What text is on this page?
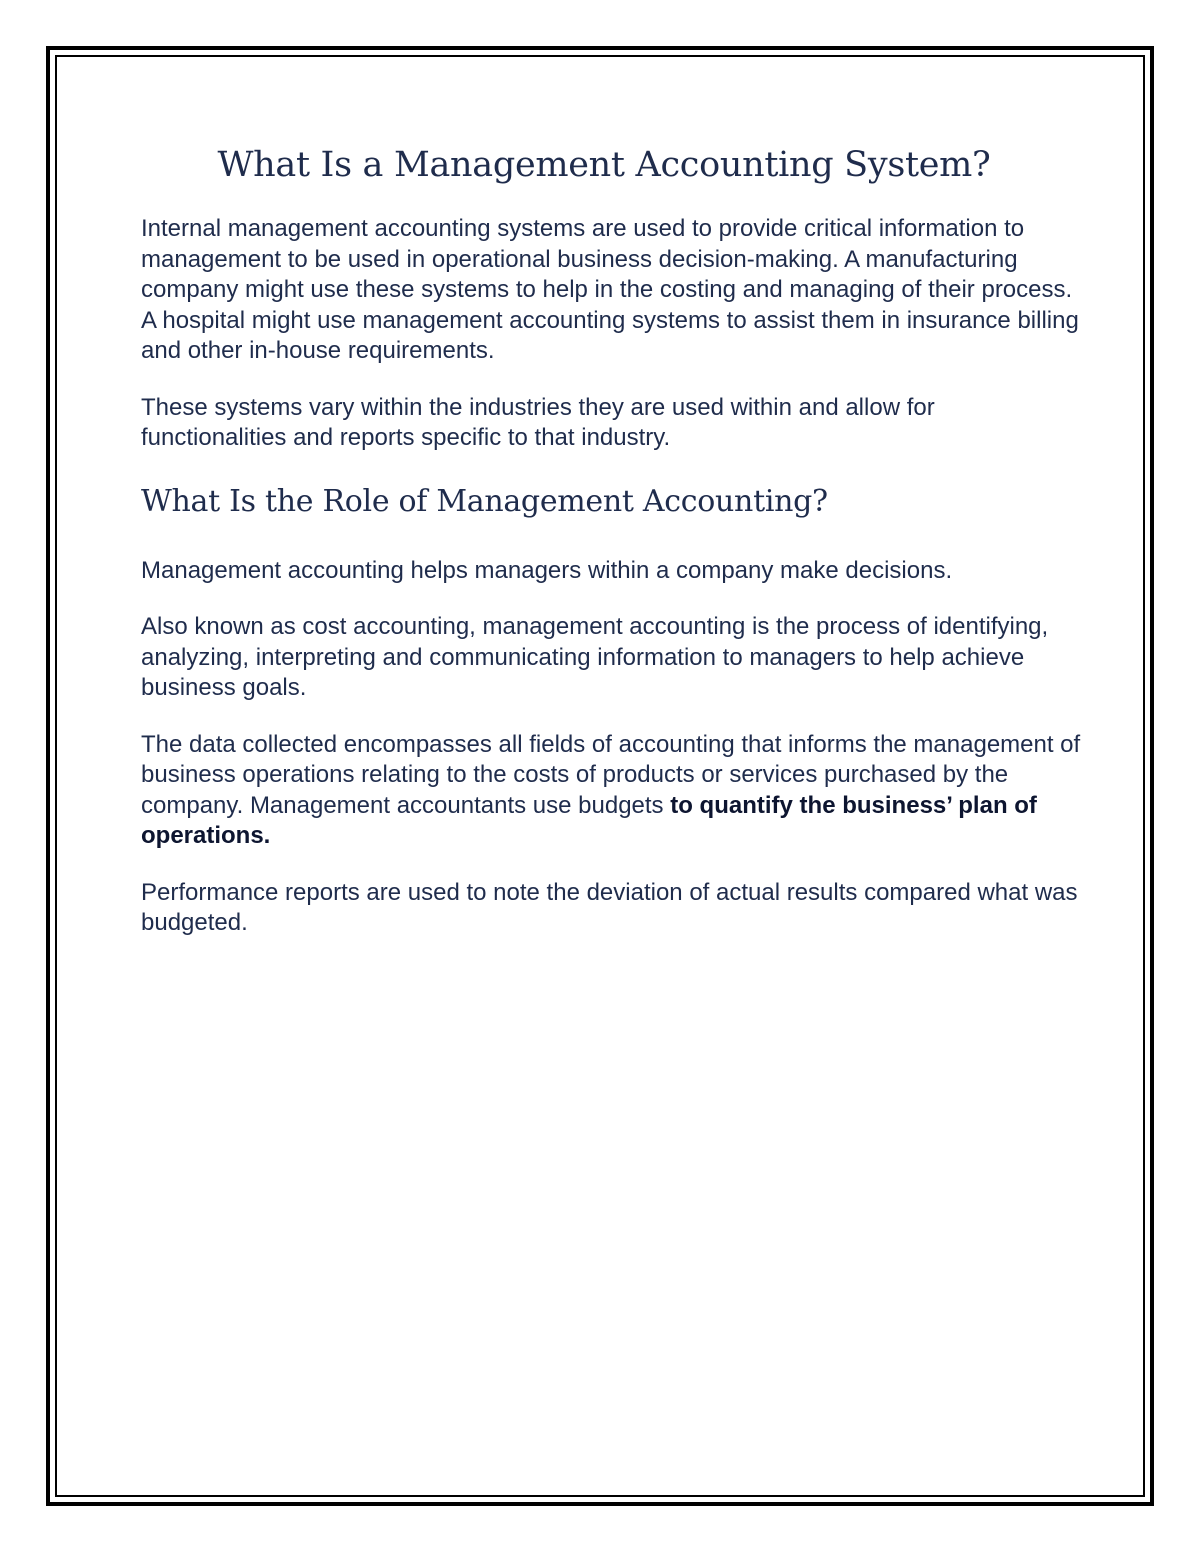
What Is a Management Accounting System?

Internal management accounting systems are used to provide critical information to management to be used in operational business decision-making. A manufacturing company might use these systems to help in the costing and managing of their process. A hospital might use management accounting systems to assist them in insurance billing and other in-house requirements.

These systems vary within the industries they are used within and allow for functionalities and reports specific to that industry.

What Is the Role of Management Accounting?

Management accounting helps managers within a company make decisions.

Also known as cost accounting, management accounting is the process of identifying, analyzing, interpreting and communicating information to managers to help achieve business goals.

The data collected encompasses all fields of accounting that informs the management of business operations relating to the costs of products or services purchased by the company. Management accountants use budgets to quantify the business’ plan of operations.

Performance reports are used to note the deviation of actual results compared what was budgeted.
